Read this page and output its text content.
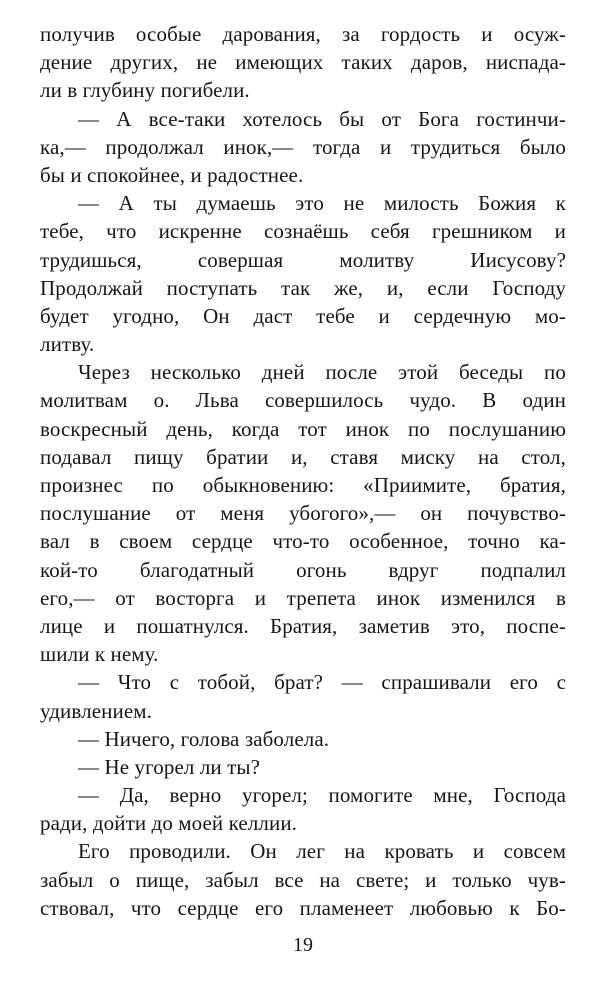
получив особые дарования, за гордость и осуж-
дение других, не имеющих таких даров, ниспада-
ли в глубину погибели.
— А все-таки хотелось бы от Бога гостинчи-
ка,— продолжал инок,— тогда и трудиться было
бы и спокойнее, и радостнее.
— А ты думаешь это не милость Божия к
тебе, что искренне сознаёшь себя грешником и
трудишься, совершая молитву Иисусову?
Продолжай поступать так же, и, если Господу
будет угодно, Он даст тебе и сердечную мо-
литву.
Через несколько дней после этой беседы по
молитвам о. Льва совершилось чудо. В один
воскресный день, когда тот инок по послушанию
подавал пищу братии и, ставя миску на стол,
произнес по обыкновению: «Приимите, братия,
послушание от меня убогого»,— он почувство-
вал в своем сердце что-то особенное, точно ка-
кой-то благодатный огонь вдруг подпалил
его,— от восторга и трепета инок изменился в
лице и пошатнулся. Братия, заметив это, поспе-
шили к нему.
— Что с тобой, брат? — спрашивали его с
удивлением.
— Ничего, голова заболела.
— Не угорел ли ты?
— Да, верно угорел; помогите мне, Господа
ради, дойти до моей келлии.
Его проводили. Он лег на кровать и совсем
забыл о пище, забыл все на свете; и только чув-
ствовал, что сердце его пламенеет любовью к Бо-
19
